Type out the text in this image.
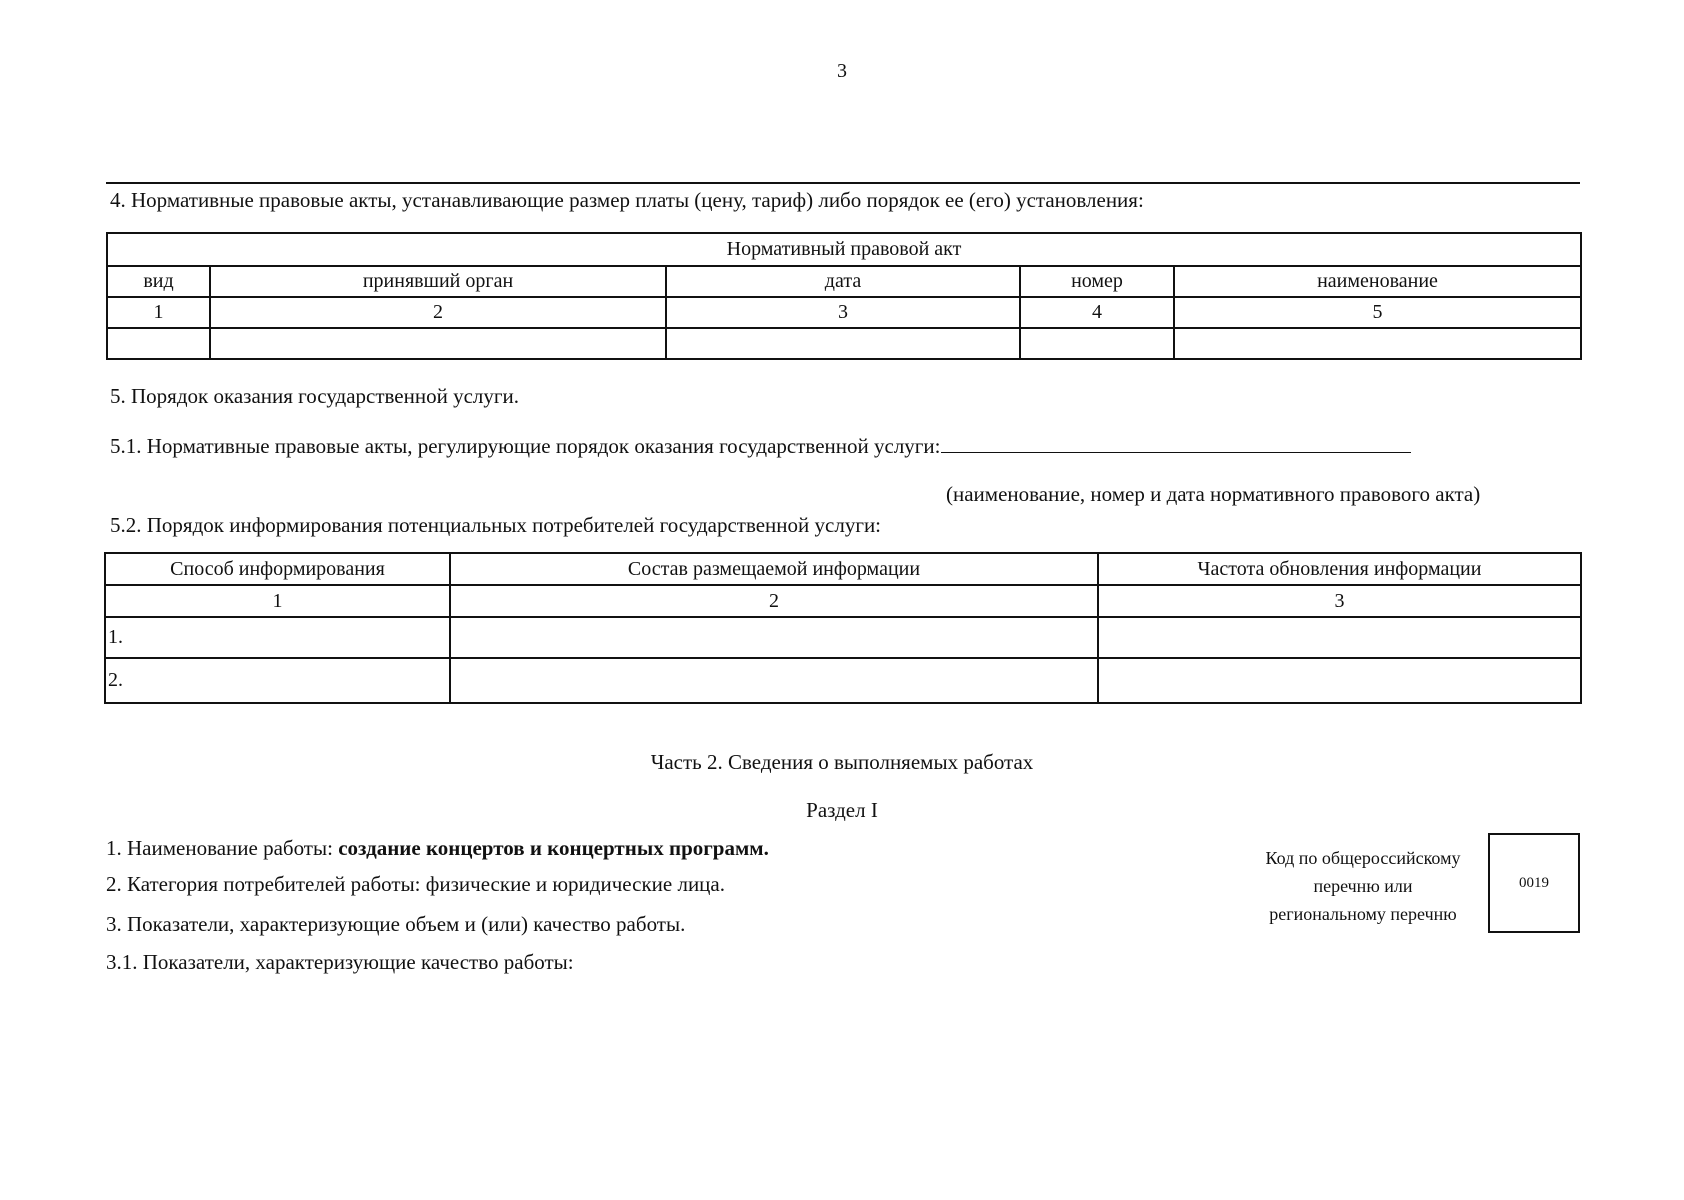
3
4. Нормативные правовые акты, устанавливающие размер платы (цену, тариф) либо порядок ее (его) установления:
Нормативный правовой акт				
вид	принявший орган	дата	номер	наименование
1	2	3	4	5

5. Порядок оказания государственной услуги.
5.1. Нормативные правовые акты, регулирующие порядок оказания государственной услуги:
(наименование, номер и дата нормативного правового акта)
5.2. Порядок информирования потенциальных потребителей государственной услуги:
Способ информирования	Состав размещаемой информации	Частота обновления информации
1	2	3
1.		
2.		
Часть 2. Сведения о выполняемых работах
Раздел I
1. Наименование работы: создание концертов и концертных программ.
2. Категория потребителей работы: физические и юридические лица.
3. Показатели, характеризующие объем и (или) качество работы.
3.1. Показатели, характеризующие качество работы:
Код по общероссийскому
перечню или
региональному перечню
0019
